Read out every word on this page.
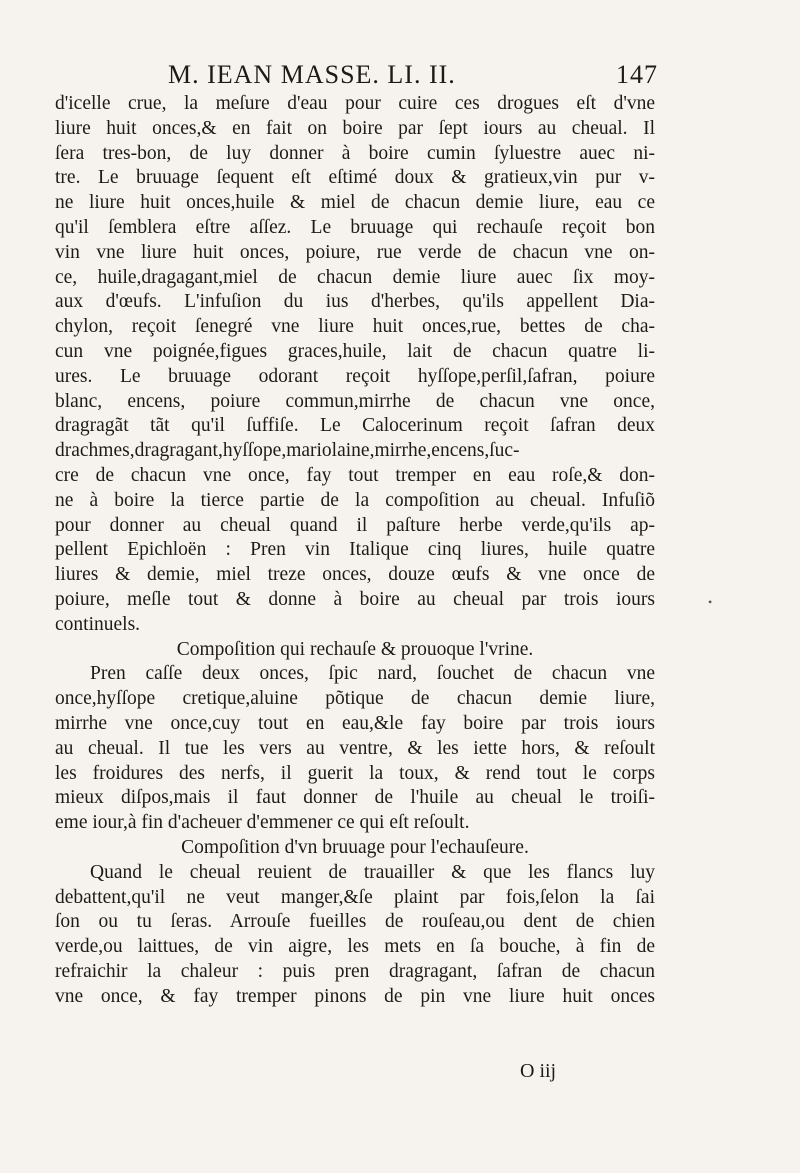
M. IEAN MASSE. LI. II.	147
d'icelle crue, la meſure d'eau pour cuire ces drogues eſt d'vne
liure huit onces,& en fait on boire par ſept iours au cheual. Il
ſera tres-bon, de luy donner à boire cumin ſyluestre auec ni-
tre. Le bruuage ſequent eſt eſtimé doux & gratieux,vin pur v-
ne liure huit onces,huile & miel de chacun demie liure, eau ce
qu'il ſemblera eſtre aſſez. Le bruuage qui rechauſe reçoit bon
vin vne liure huit onces, poiure, rue verde de chacun vne on-
ce, huile,dragagant,miel de chacun demie liure auec ſix moy-
aux d'œufs. L'infuſion du ius d'herbes, qu'ils appellent Dia-
chylon, reçoit ſenegré vne liure huit onces,rue, bettes de cha-
cun vne poignée,figues graces,huile, lait de chacun quatre li-
ures. Le bruuage odorant reçoit hyſſope,perſil,ſafran, poiure
blanc, encens, poiure commun,mirrhe de chacun vne once,
dragragãt tãt qu'il ſuffiſe. Le Calocerinum reçoit ſafran deux
drachmes,dragragant,hyſſope,mariolaine,mirrhe,encens,ſuc-
cre de chacun vne once, fay tout tremper en eau roſe,& don-
ne à boire la tierce partie de la compoſition au cheual. Infuſiõ
pour donner au cheual quand il paſture herbe verde,qu'ils ap-
pellent Epichloën : Pren vin Italique cinq liures, huile quatre
liures & demie, miel treze onces, douze œufs & vne once de
poiure, meſle tout & donne à boire au cheual par trois iours
continuels.
Compoſition qui rechauſe & prouoque l'vrine.
Pren caſſe deux onces, ſpic nard, ſouchet de chacun vne
once,hyſſope cretique,aluine põtique de chacun demie liure,
mirrhe vne once,cuy tout en eau,&le fay boire par trois iours
au cheual. Il tue les vers au ventre, & les iette hors, & reſoult
les froidures des nerfs, il guerit la toux, & rend tout le corps
mieux diſpos,mais il faut donner de l'huile au cheual le troiſi-
eme iour,à fin d'acheuer d'emmener ce qui eſt reſoult.
Compoſition d'vn bruuage pour l'echauſeure.
Quand le cheual reuient de trauailler & que les flancs luy
debattent,qu'il ne veut manger,&ſe plaint par fois,ſelon la ſai
ſon ou tu ſeras. Arrouſe fueilles de rouſeau,ou dent de chien
verde,ou laittues, de vin aigre, les mets en ſa bouche, à fin de
refraichir la chaleur : puis pren dragragant, ſafran de chacun
vne once, & fay tremper pinons de pin vne liure huit onces
O iij
•
